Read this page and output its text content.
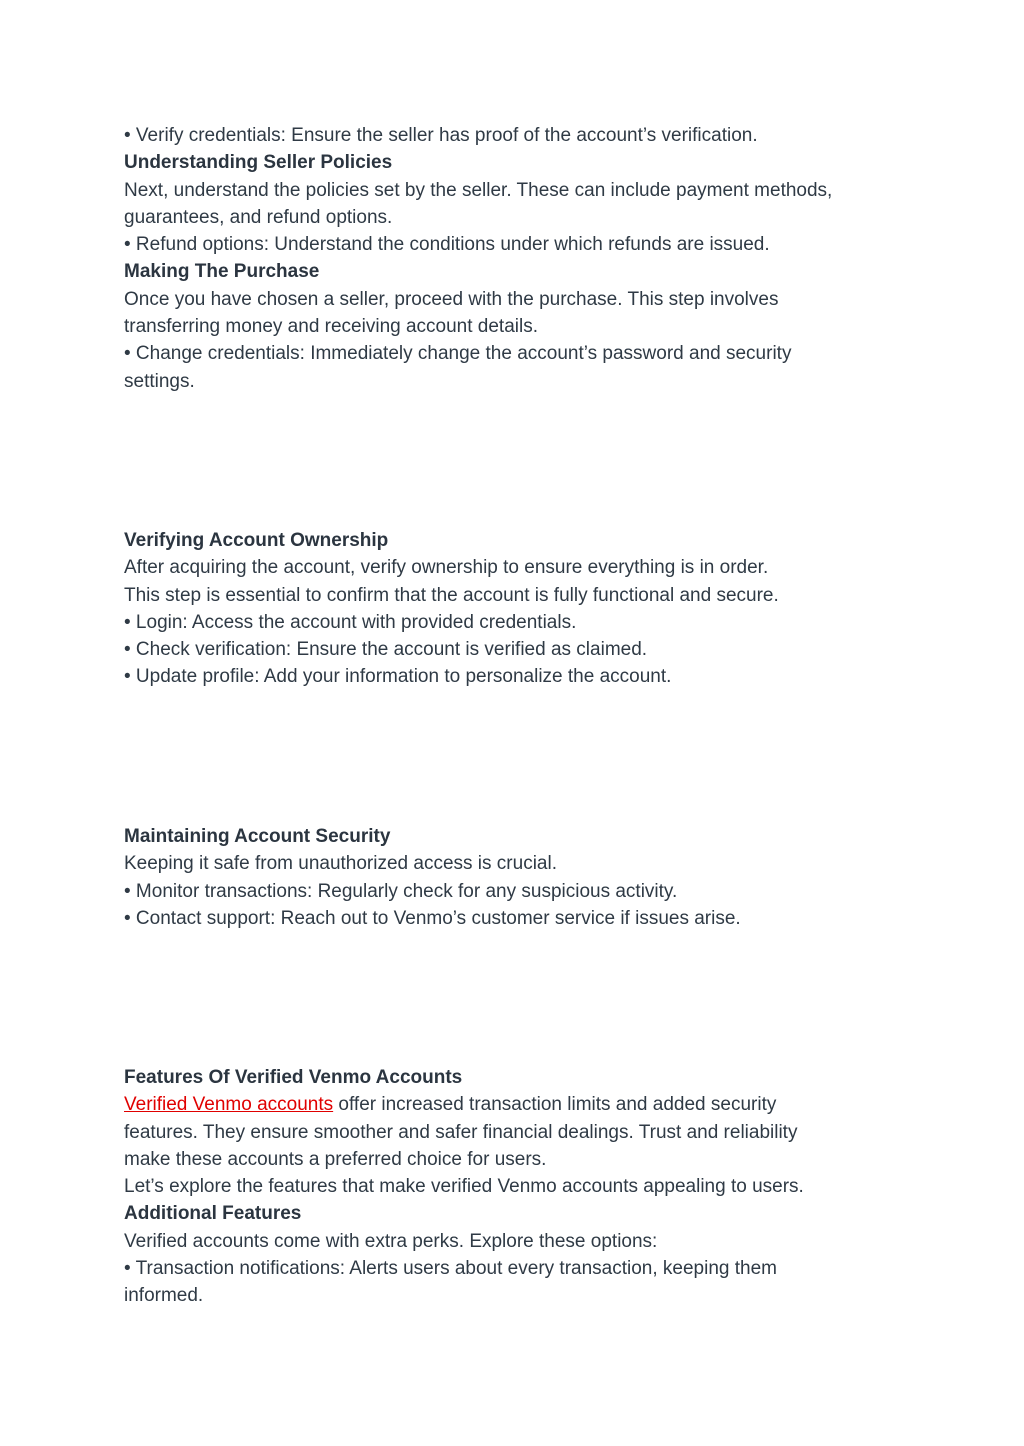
• Verify credentials: Ensure the seller has proof of the account’s verification.

Understanding Seller Policies

Next, understand the policies set by the seller. These can include payment methods,

guarantees, and refund options.

• Refund options: Understand the conditions under which refunds are issued.

Making The Purchase

Once you have chosen a seller, proceed with the purchase. This step involves

transferring money and receiving account details.

• Change credentials: Immediately change the account’s password and security

settings.

Verifying Account Ownership

After acquiring the account, verify ownership to ensure everything is in order.

This step is essential to confirm that the account is fully functional and secure.

• Login: Access the account with provided credentials.

• Check verification: Ensure the account is verified as claimed.

• Update profile: Add your information to personalize the account.

Maintaining Account Security

Keeping it safe from unauthorized access is crucial.

• Monitor transactions: Regularly check for any suspicious activity.

• Contact support: Reach out to Venmo’s customer service if issues arise.

Features Of Verified Venmo Accounts

Verified Venmo accounts offer increased transaction limits and added security

features. They ensure smoother and safer financial dealings. Trust and reliability

make these accounts a preferred choice for users.

Let’s explore the features that make verified Venmo accounts appealing to users.

Additional Features

Verified accounts come with extra perks. Explore these options:

• Transaction notifications: Alerts users about every transaction, keeping them

informed.
